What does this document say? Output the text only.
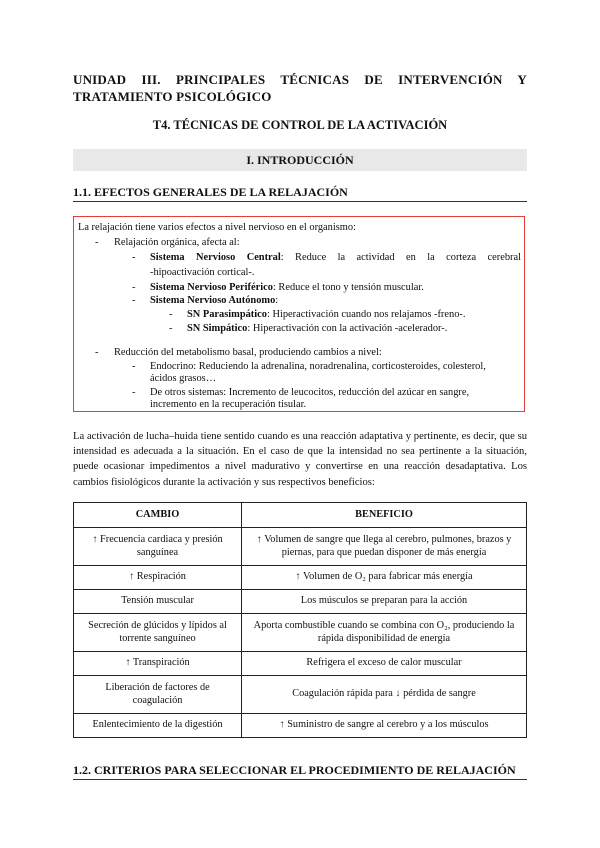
UNIDAD III. PRINCIPALES TÉCNICAS DE INTERVENCIÓN Y TRATAMIENTO PSICOLÓGICO
T4. TÉCNICAS DE CONTROL DE LA ACTIVACIÓN
I. INTRODUCCIÓN
1.1. EFECTOS GENERALES DE LA RELAJACIÓN
La relajación tiene varios efectos a nivel nervioso en el organismo:
- Relajación orgánica, afecta al:
- Sistema Nervioso Central: Reduce la actividad en la corteza cerebral
-hipoactivación cortical-.
- Sistema Nervioso Periférico: Reduce el tono y tensión muscular.
- Sistema Nervioso Autónomo:
- SN Parasimpático: Hiperactivación cuando nos relajamos -freno-.
- SN Simpático: Hiperactivación con la activación -acelerador-.
- Reducción del metabolismo basal, produciendo cambios a nivel:
- Endocrino: Reduciendo la adrenalina, noradrenalina, corticosteroides, colesterol,
ácidos grasos…
- De otros sistemas: Incremento de leucocitos, reducción del azúcar en sangre,
incremento en la recuperación tisular.
La activación de lucha–huida tiene sentido cuando es una reacción adaptativa y pertinente, es decir, que su intensidad es adecuada a la situación. En el caso de que la intensidad no sea pertinente a la situación, puede ocasionar impedimentos a nivel madurativo y convertirse en una reacción desadaptativa. Los cambios fisiológicos durante la activación y sus respectivos beneficios:
CAMBIO	BENEFICIO
↑ Frecuencia cardiaca y presión sanguínea	↑ Volumen de sangre que llega al cerebro, pulmones, brazos y piernas, para que puedan disponer de más energía
↑ Respiración	↑ Volumen de O₂ para fabricar más energía
Tensión muscular	Los músculos se preparan para la acción
Secreción de glúcidos y lípidos al torrente sanguíneo	Aporta combustible cuando se combina con O₂, produciendo la rápida disponibilidad de energía
↑ Transpiración	Refrigera el exceso de calor muscular
Liberación de factores de coagulación	Coagulación rápida para ↓ pérdida de sangre
Enlentecimiento de la digestión	↑ Suministro de sangre al cerebro y a los músculos
1.2. CRITERIOS PARA SELECCIONAR EL PROCEDIMIENTO DE RELAJACIÓN
